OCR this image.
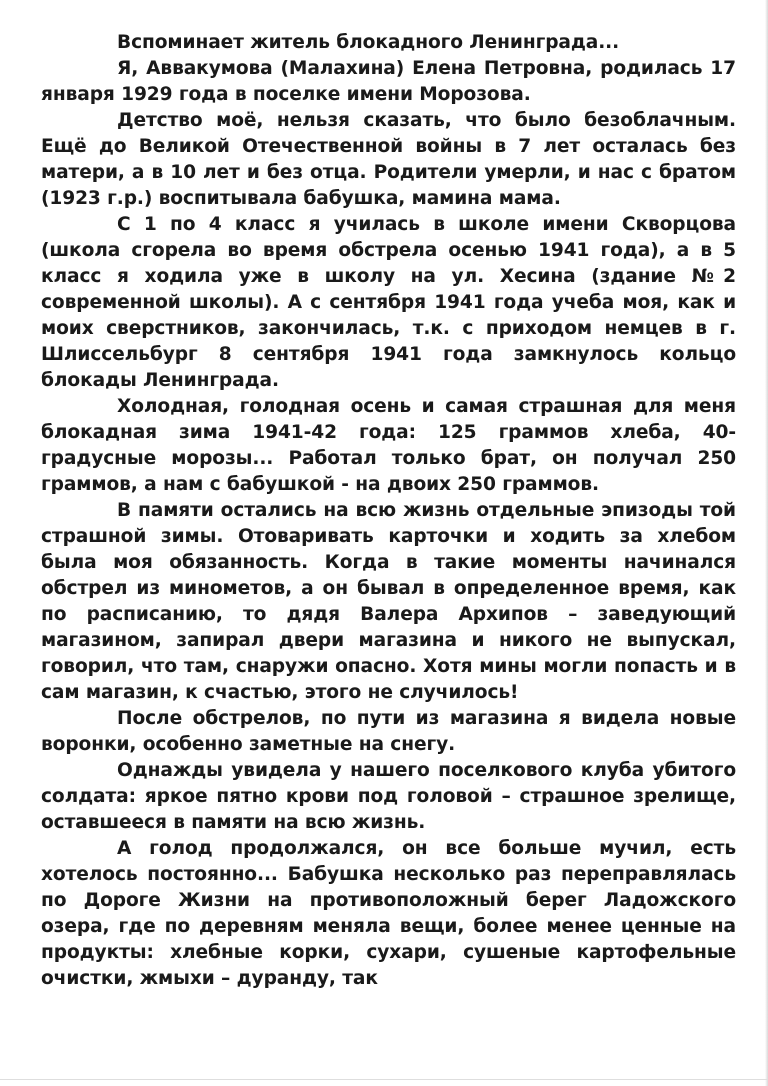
Вспоминает житель блокадного Ленинграда...

Я, Аввакумова (Малахина) Елена Петровна, родилась 17 января 1929 года в поселке имени Морозова.

Детство моё, нельзя сказать, что было безоблачным. Ещё до Великой Отечественной войны в 7 лет осталась без матери, а в 10 лет и без отца. Родители умерли, и нас с братом (1923 г.р.) воспитывала бабушка, мамина мама.

С 1 по 4 класс я училась в школе имени Скворцова (школа сгорела во время обстрела осенью 1941 года), а в 5 класс я ходила уже в школу на ул. Хесина (здание №2 современной школы). А с сентября 1941 года учеба моя, как и моих сверстников, закончилась, т.к. с приходом немцев в г. Шлиссельбург 8 сентября 1941 года замкнулось кольцо блокады Ленинграда.

Холодная, голодная осень и самая страшная для меня блокадная зима 1941-42 года: 125 граммов хлеба, 40-градусные морозы... Работал только брат, он получал 250 граммов, а нам с бабушкой - на двоих 250 граммов.

В памяти остались на всю жизнь отдельные эпизоды той страшной зимы. Отоваривать карточки и ходить за хлебом была моя обязанность. Когда в такие моменты начинался обстрел из минометов, а он бывал в определенное время, как по расписанию, то дядя Валера Архипов – заведующий магазином, запирал двери магазина и никого не выпускал, говорил, что там, снаружи опасно. Хотя мины могли попасть и в сам магазин, к счастью, этого не случилось!

После обстрелов, по пути из магазина я видела новые воронки, особенно заметные на снегу.

Однажды увидела у нашего поселкового клуба убитого солдата: яркое пятно крови под головой – страшное зрелище, оставшееся в памяти на всю жизнь.

А голод продолжался, он все больше мучил, есть хотелось постоянно... Бабушка несколько раз переправлялась по Дороге Жизни на противоположный берег Ладожского озера, где по деревням меняла вещи, более менее ценные на продукты: хлебные корки, сухари, сушеные картофельные очистки, жмыхи – дуранду, так
